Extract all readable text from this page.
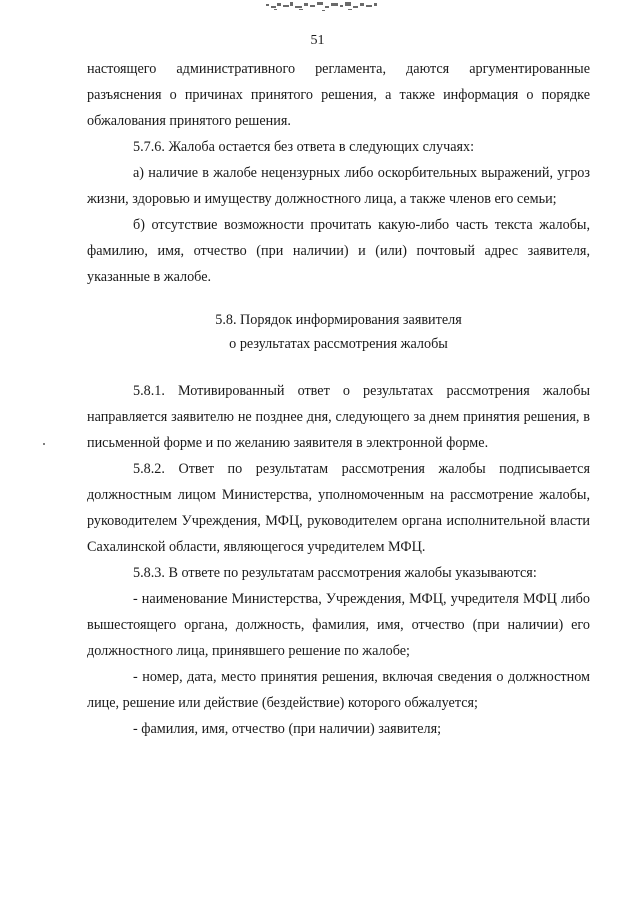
51

настоящего административного регламента, даются аргументированные разъяснения о причинах принятого решения, а также информация о порядке обжалования принятого решения.

5.7.6. Жалоба остается без ответа в следующих случаях:

а) наличие в жалобе нецензурных либо оскорбительных выражений, угроз жизни, здоровью и имуществу должностного лица, а также членов его семьи;

б) отсутствие возможности прочитать какую-либо часть текста жалобы, фамилию, имя, отчество (при наличии) и (или) почтовый адрес заявителя, указанные в жалобе.

5.8. Порядок информирования заявителя
о результатах рассмотрения жалобы

5.8.1. Мотивированный ответ о результатах рассмотрения жалобы направляется заявителю не позднее дня, следующего за днем принятия решения, в письменной форме и по желанию заявителя в электронной форме.

5.8.2. Ответ по результатам рассмотрения жалобы подписывается должностным лицом Министерства, уполномоченным на рассмотрение жалобы, руководителем Учреждения, МФЦ, руководителем органа исполнительной власти Сахалинской области, являющегося учредителем МФЦ.

5.8.3. В ответе по результатам рассмотрения жалобы указываются:

- наименование Министерства, Учреждения, МФЦ, учредителя МФЦ либо вышестоящего органа, должность, фамилия, имя, отчество (при наличии) его должностного лица, принявшего решение по жалобе;

- номер, дата, место принятия решения, включая сведения о должностном лице, решение или действие (бездействие) которого обжалуется;

- фамилия, имя, отчество (при наличии) заявителя;
